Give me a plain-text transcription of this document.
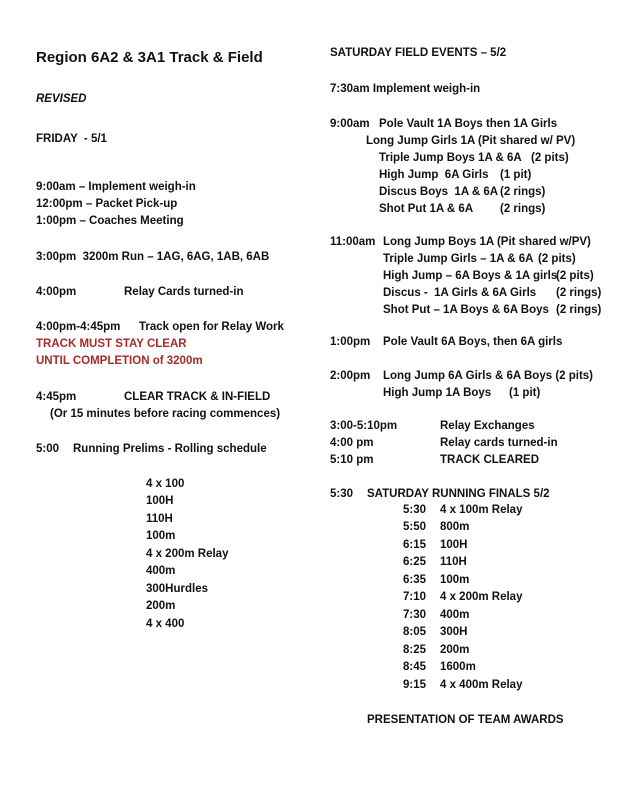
Region 6A2 & 3A1 Track & Field
REVISED
FRIDAY  - 5/1
9:00am – Implement weigh-in
12:00pm – Packet Pick-up
1:00pm – Coaches Meeting
3:00pm  3200m Run – 1AG, 6AG, 1AB, 6AB
4:00pm	Relay Cards turned-in
4:00pm-4:45pm Track open for Relay Work
TRACK MUST STAY CLEAR
UNTIL COMPLETION of 3200m
4:45pm	CLEAR TRACK & IN-FIELD
(Or 15 minutes before racing commences)
5:00 Running Prelims - Rolling schedule
4 x 100
100H
110H
100m
4 x 200m Relay
400m
300Hurdles
200m
4 x 400
SATURDAY FIELD EVENTS – 5/2
7:30am Implement weigh-in
9:00am Pole Vault 1A Boys then 1A Girls
Long Jump Girls 1A (Pit shared w/ PV)
Triple Jump Boys 1A & 6A (2 pits)
High Jump  6A Girls (1 pit)
Discus Boys  1A & 6A (2 rings)
Shot Put 1A & 6A (2 rings)
11:00am Long Jump Boys 1A (Pit shared w/PV)
Triple Jump Girls – 1A & 6A (2 pits)
High Jump – 6A Boys & 1A girls
(2 pits)
Discus -  1A Girls & 6A Girls (2 rings)
Shot Put – 1A Boys & 6A Boys (2 rings)
1:00pm Pole Vault 6A Boys, then 6A girls
2:00pm Long Jump 6A Girls & 6A Boys (2 pits)
High Jump 1A Boys (1 pit)
3:00-5:10pm	Relay Exchanges
4:00 pm	Relay cards turned-in
5:10 pm	TRACK CLEARED
5:30 SATURDAY RUNNING FINALS 5/2
5:30 4 x 100m Relay
5:50 800m
6:15 100H
6:25 110H
6:35 100m
7:10 4 x 200m Relay
7:30 400m
8:05 300H
8:25 200m
8:45 1600m
9:15 4 x 400m Relay
PRESENTATION OF TEAM AWARDS
